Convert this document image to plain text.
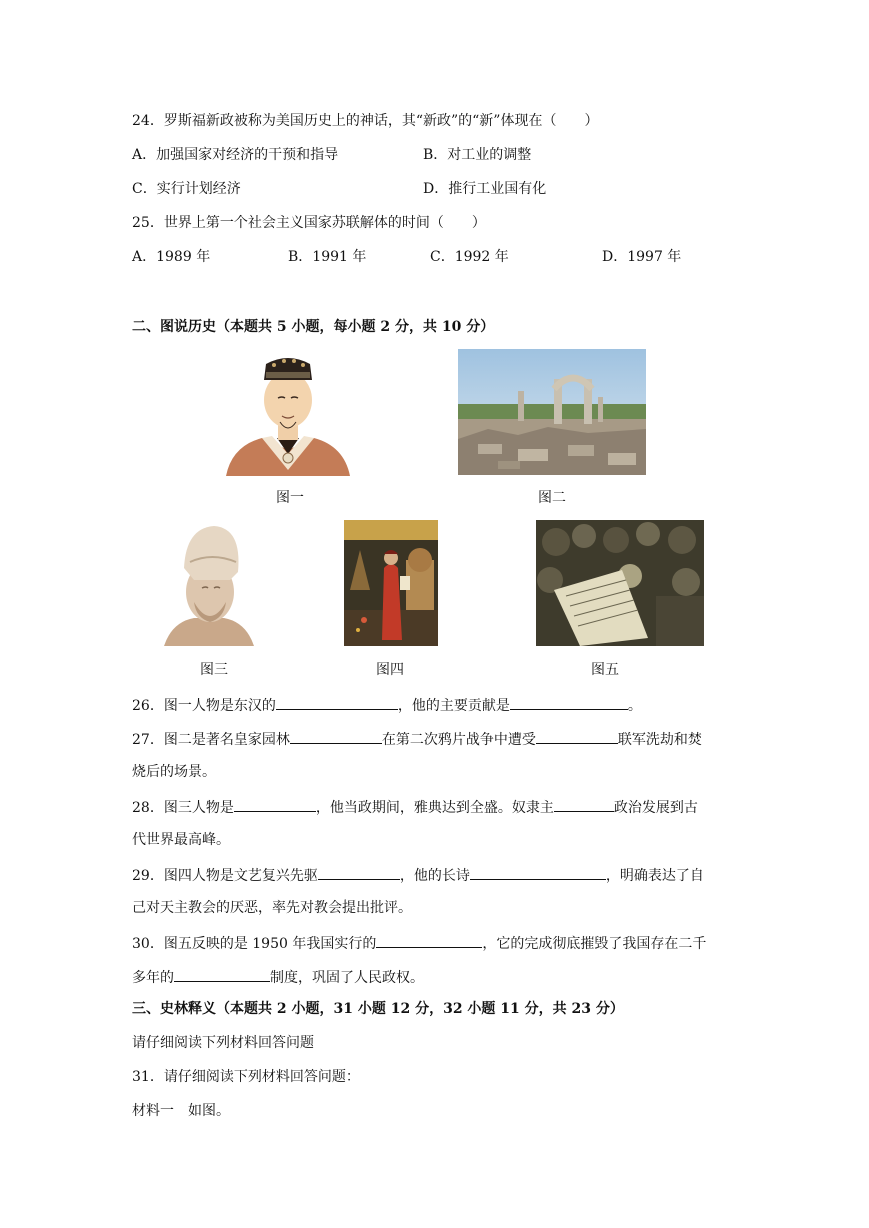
24．罗斯福新政被称为美国历史上的神话，其“新政”的“新”体现在（　　）
A．加强国家对经济的干预和指导	B．对工业的调整
C．实行计划经济	D．推行工业国有化
25．世界上第一个社会主义国家苏联解体的时间（　　）
A．1989 年	B．1991 年	C．1992 年	D．1997 年
二、图说历史（本题共 5 小题，每小题 2 分，共 10 分）
图一	图二
图三	图四	图五
26．图一人物是东汉的	，他的主要贡献是	。
27．图二是著名皇家园林	在第二次鸦片战争中遭受	联军洗劫和焚
烧后的场景。
28．图三人物是	，他当政期间，雅典达到全盛。奴隶主	政治发展到古
代世界最高峰。
29．图四人物是文艺复兴先驱	，他的长诗	，明确表达了自
己对天主教会的厌恶，率先对教会提出批评。
30．图五反映的是 1950 年我国实行的	，它的完成彻底摧毁了我国存在二千
多年的	制度，巩固了人民政权。
三、史林释义（本题共 2 小题，31 小题 12 分，32 小题 11 分，共 23 分）
请仔细阅读下列材料回答问题
31．请仔细阅读下列材料回答问题：
材料一　如图。
